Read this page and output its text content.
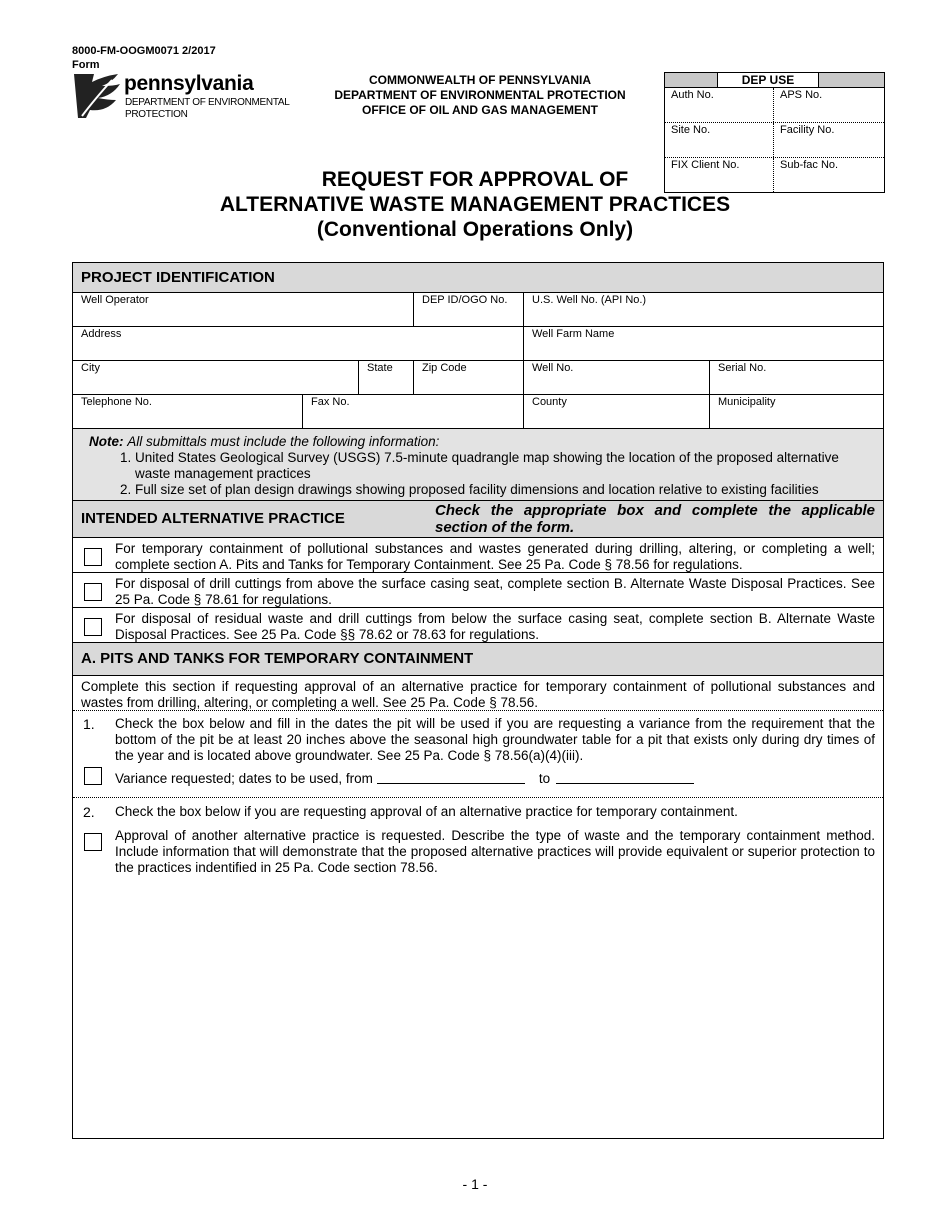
8000-FM-OOGM0071 2/2017
Form
pennsylvania
DEPARTMENT OF ENVIRONMENTAL
PROTECTION
COMMONWEALTH OF PENNSYLVANIA
DEPARTMENT OF ENVIRONMENTAL PROTECTION
OFFICE OF OIL AND GAS MANAGEMENT
DEP USE
Auth No.	APS No.
Site No.	Facility No.
FIX Client No.	Sub-fac No.
REQUEST FOR APPROVAL OF
ALTERNATIVE WASTE MANAGEMENT PRACTICES
(Conventional Operations Only)
PROJECT IDENTIFICATION
Well Operator	DEP ID/OGO No.	U.S. Well No. (API No.)
Address	Well Farm Name
City	State	Zip Code	Well No.	Serial No.
Telephone No.	Fax No.	County	Municipality
Note: All submittals must include the following information:
1. United States Geological Survey (USGS) 7.5-minute quadrangle map showing the location of the proposed alternative waste management practices
2. Full size set of plan design drawings showing proposed facility dimensions and location relative to existing facilities
3.
INTENDED ALTERNATIVE PRACTICE	Check the appropriate box and complete the applicable section of the form.
For temporary containment of pollutional substances and wastes generated during drilling, altering, or completing a well; complete section A. Pits and Tanks for Temporary Containment. See 25 Pa. Code § 78.56 for regulations.
For disposal of drill cuttings from above the surface casing seat, complete section B. Alternate Waste Disposal Practices. See 25 Pa. Code § 78.61 for regulations.
For disposal of residual waste and drill cuttings from below the surface casing seat, complete section B. Alternate Waste Disposal Practices. See 25 Pa. Code §§ 78.62 or 78.63 for regulations.
A. PITS AND TANKS FOR TEMPORARY CONTAINMENT
Complete this section if requesting approval of an alternative practice for temporary containment of pollutional substances and wastes from drilling, altering, or completing a well. See 25 Pa. Code § 78.56.
1. Check the box below and fill in the dates the pit will be used if you are requesting a variance from the requirement that the bottom of the pit be at least 20 inches above the seasonal high groundwater table for a pit that exists only during dry times of the year and is located above groundwater. See 25 Pa. Code § 78.56(a)(4)(iii).
Variance requested; dates to be used, from	to
2. Check the box below if you are requesting approval of an alternative practice for temporary containment.
Approval of another alternative practice is requested. Describe the type of waste and the temporary containment method. Include information that will demonstrate that the proposed alternative practices will provide equivalent or superior protection to the practices indentified in 25 Pa. Code section 78.56.
- 1 -
